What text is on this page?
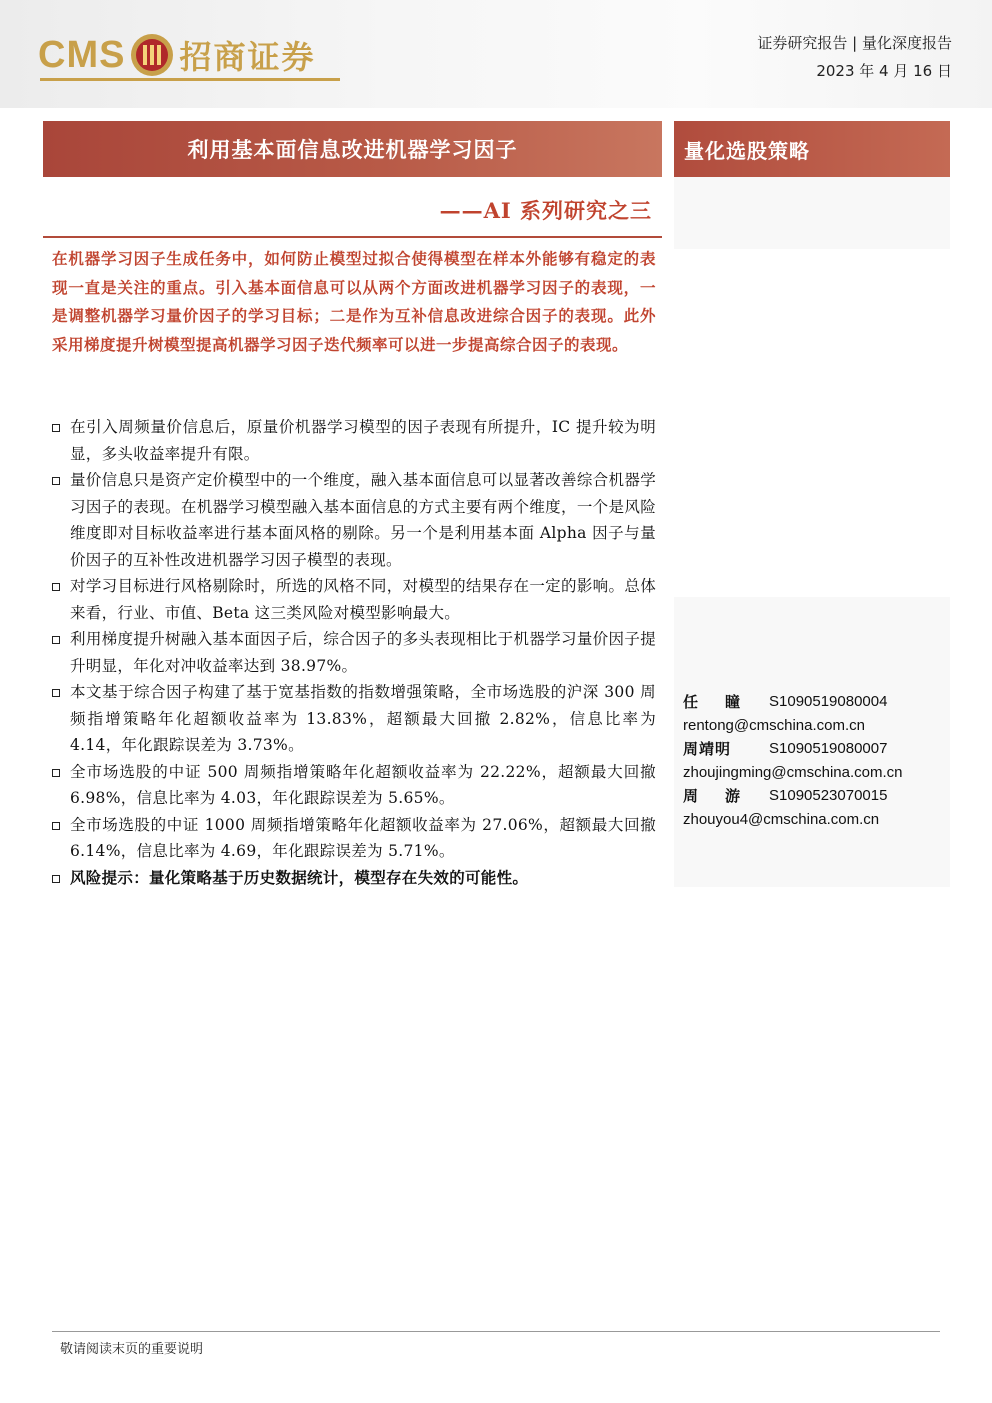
CMS 招商证券	证券研究报告 | 量化深度报告
2023 年 4 月 16 日
利用基本面信息改进机器学习因子
——AI 系列研究之三
量化选股策略

在机器学习因子生成任务中，如何防止模型过拟合使得模型在样本外能够有稳定的表现一直是关注的重点。引入基本面信息可以从两个方面改进机器学习因子的表现，一是调整机器学习量价因子的学习目标；二是作为互补信息改进综合因子的表现。此外采用梯度提升树模型提高机器学习因子迭代频率可以进一步提高综合因子的表现。

在引入周频量价信息后，原量价机器学习模型的因子表现有所提升，IC 提升较为明显，多头收益率提升有限。
量价信息只是资产定价模型中的一个维度，融入基本面信息可以显著改善综合机器学习因子的表现。在机器学习模型融入基本面信息的方式主要有两个维度，一个是风险维度即对目标收益率进行基本面风格的剔除。另一个是利用基本面 Alpha 因子与量价因子的互补性改进机器学习因子模型的表现。
对学习目标进行风格剔除时，所选的风格不同，对模型的结果存在一定的影响。总体来看，行业、市值、Beta 这三类风险对模型影响最大。
利用梯度提升树融入基本面因子后，综合因子的多头表现相比于机器学习量价因子提升明显，年化对冲收益率达到 38.97%。
本文基于综合因子构建了基于宽基指数的指数增强策略，全市场选股的沪深 300 周频指增策略年化超额收益率为 13.83%，超额最大回撤 2.82%，信息比率为 4.14，年化跟踪误差为 3.73%。
全市场选股的中证 500 周频指增策略年化超额收益率为 22.22%，超额最大回撤 6.98%，信息比率为 4.03，年化跟踪误差为 5.65%。
全市场选股的中证 1000 周频指增策略年化超额收益率为 27.06%，超额最大回撤 6.14%，信息比率为 4.69，年化跟踪误差为 5.71%。
风险提示：量化策略基于历史数据统计，模型存在失效的可能性。
任　瞳	S1090519080004
rentong@cmschina.com.cn
周靖明	S1090519080007
zhoujingming@cmschina.com.cn
周　游	S1090523070015
zhouyou4@cmschina.com.cn
敬请阅读末页的重要说明
